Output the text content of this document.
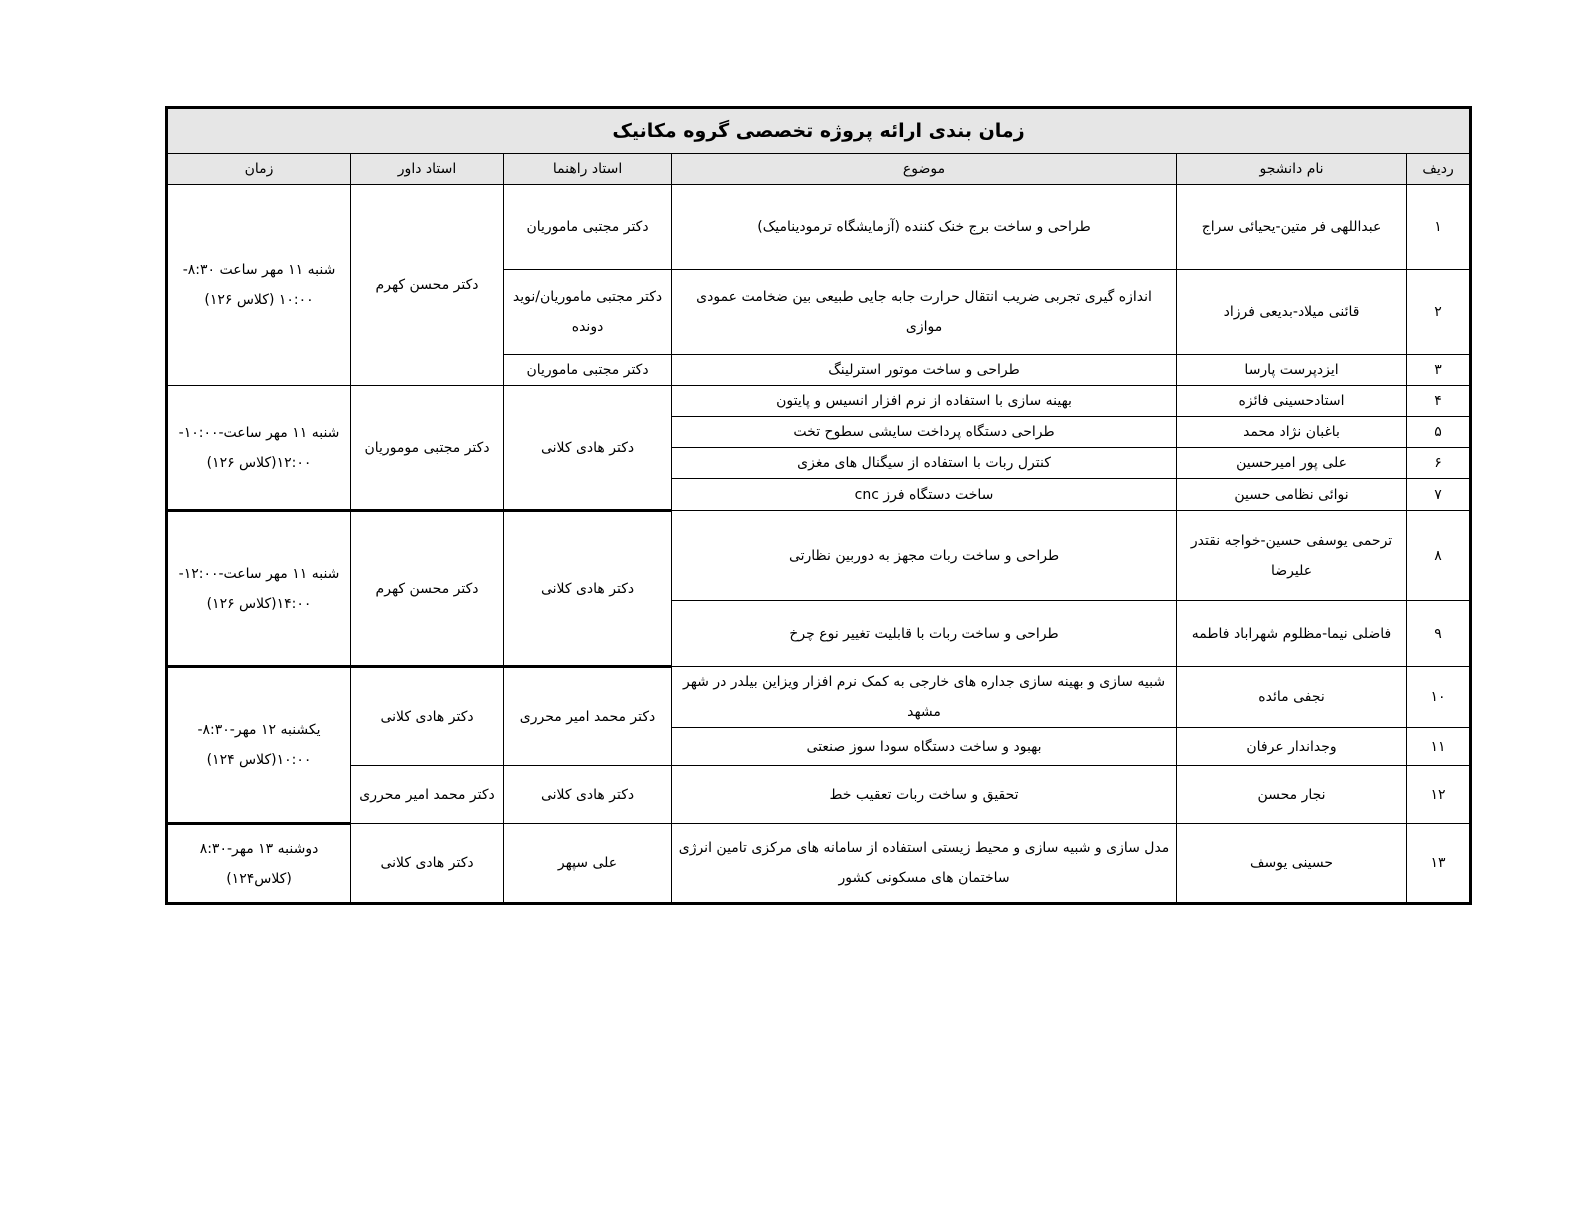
زمان بندی ارائه پروژه تخصصی گروه مکانیک					
ردیف	نام دانشجو	موضوع	استاد راهنما	استاد داور	زمان
۱	عبداللهی فر متین-یحیائی سراج	طراحی و ساخت برج خنک کننده (آزمایشگاه ترمودینامیک)	دکتر مجتبی ماموریان	دکتر محسن کهرم	شنبه ۱۱ مهر ساعت ۸:۳۰- ۱۰:۰۰ (کلاس ۱۲۶)
۲	قائنی میلاد-بدیعی فرزاد	اندازه گیری تجربی ضریب انتقال حرارت جابه جایی طبیعی بین ضخامت عمودی موازی	دکتر مجتبی ماموریان/نوید دونده		
۳	ایزدپرست پارسا	طراحی و ساخت موتور استرلینگ	دکتر مجتبی ماموریان		
۴	استادحسینی فائزه	بهینه سازی با استفاده از نرم افزار انسیس و پایتون	دکتر هادی کلانی	دکتر مجتبی موموریان	شنبه ۱۱ مهر ساعت-۱۰:۰۰- ۱۲:۰۰(کلاس ۱۲۶)
۵	باغبان نژاد محمد	طراحی دستگاه پرداخت سایشی سطوح تخت			
۶	علی پور امیرحسین	کنترل ربات با استفاده از سیگنال های مغزی			
۷	نوائی نظامی حسین	ساخت دستگاه فرز cnc			
۸	ترحمی یوسفی حسین-خواجه نقتدر علیرضا	طراحی و ساخت ربات مجهز به دوربین نظارتی	دکتر هادی کلانی	دکتر محسن کهرم	شنبه ۱۱ مهر ساعت-۱۲:۰۰- ۱۴:۰۰(کلاس ۱۲۶)
۹	فاضلی نیما-مظلوم شهراباد فاطمه	طراحی و ساخت ربات با قابلیت تغییر نوع چرخ			
۱۰	نجفی مائده	شبیه سازی و بهینه سازی جداره های خارجی به کمک نرم افزار ویزاین بیلدر در شهر مشهد	دکتر محمد امیر محرری	دکتر هادی کلانی	یکشنبه ۱۲ مهر-۸:۳۰- ۱۰:۰۰(کلاس ۱۲۴)
۱۱	وجداندار عرفان	بهبود و ساخت دستگاه سودا سوز صنعتی			
۱۲	نجار محسن	تحقیق و ساخت ربات تعقیب خط	دکتر هادی کلانی	دکتر محمد امیر محرری	
۱۳	حسینی یوسف	مدل سازی و شبیه سازی و محیط زیستی استفاده از سامانه های مرکزی تامین انرژی ساختمان های مسکونی کشور	علی سپهر	دکتر هادی کلانی	دوشنبه ۱۳ مهر-۸:۳۰ (کلاس۱۲۴)
